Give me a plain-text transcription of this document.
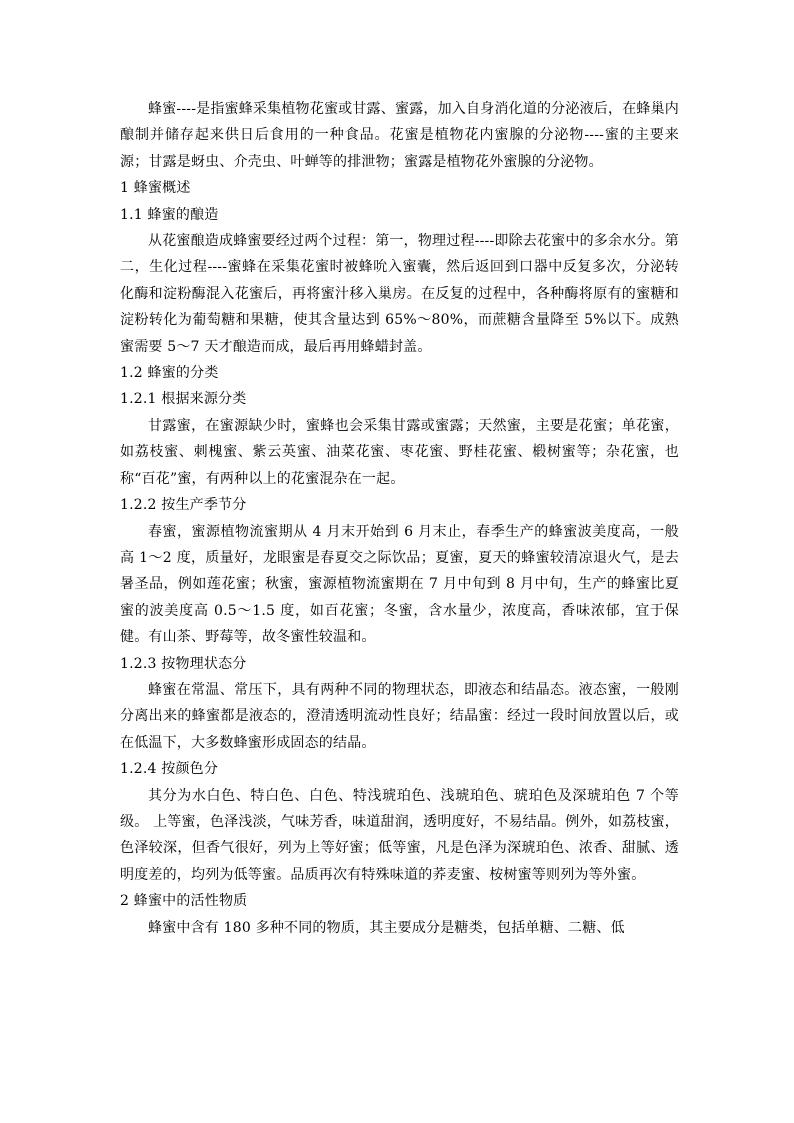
蜂蜜----是指蜜蜂采集植物花蜜或甘露、蜜露，加入自身消化道的分泌液后，在蜂巢内酿制并储存起来供日后食用的一种食品。花蜜是植物花内蜜腺的分泌物----蜜的主要来源；甘露是蚜虫、介壳虫、叶蝉等的排泄物；蜜露是植物花外蜜腺的分泌物。

1 蜂蜜概述

1.1 蜂蜜的酿造

从花蜜酿造成蜂蜜要经过两个过程：第一，物理过程----即除去花蜜中的多余水分。第二，生化过程----蜜蜂在采集花蜜时被蜂吮入蜜囊，然后返回到口器中反复多次，分泌转化酶和淀粉酶混入花蜜后，再将蜜汁移入巢房。在反复的过程中，各种酶将原有的蜜糖和淀粉转化为葡萄糖和果糖，使其含量达到 65%～80%，而蔗糖含量降至 5%以下。成熟蜜需要 5～7 天才酿造而成，最后再用蜂蜡封盖。

1.2 蜂蜜的分类

1.2.1 根据来源分类

甘露蜜，在蜜源缺少时，蜜蜂也会采集甘露或蜜露；天然蜜，主要是花蜜；单花蜜，如荔枝蜜、刺槐蜜、紫云英蜜、油菜花蜜、枣花蜜、野桂花蜜、椴树蜜等；杂花蜜，也称“百花”蜜，有两种以上的花蜜混杂在一起。

1.2.2 按生产季节分

春蜜，蜜源植物流蜜期从 4 月末开始到 6 月末止，春季生产的蜂蜜波美度高，一般高 1～2 度，质量好，龙眼蜜是春夏交之际饮品；夏蜜，夏天的蜂蜜较清凉退火气，是去暑圣品，例如莲花蜜；秋蜜，蜜源植物流蜜期在 7 月中旬到 8 月中旬，生产的蜂蜜比夏蜜的波美度高 0.5～1.5 度，如百花蜜；冬蜜，含水量少，浓度高，香味浓郁，宜于保健。有山茶、野莓等，故冬蜜性较温和。

1.2.3 按物理状态分

蜂蜜在常温、常压下，具有两种不同的物理状态，即液态和结晶态。液态蜜，一般刚分离出来的蜂蜜都是液态的，澄清透明流动性良好；结晶蜜：经过一段时间放置以后，或在低温下，大多数蜂蜜形成固态的结晶。

1.2.4 按颜色分

其分为水白色、特白色、白色、特浅琥珀色、浅琥珀色、琥珀色及深琥珀色 7 个等级。 上等蜜，色泽浅淡，气味芳香，味道甜润，透明度好，不易结晶。例外，如荔枝蜜，色泽较深，但香气很好，列为上等好蜜；低等蜜，凡是色泽为深琥珀色、浓香、甜腻、透明度差的，均列为低等蜜。品质再次有特殊味道的荞麦蜜、桉树蜜等则列为等外蜜。

2 蜂蜜中的活性物质

蜂蜜中含有 180 多种不同的物质，其主要成分是糖类，包括单糖、二糖、低
